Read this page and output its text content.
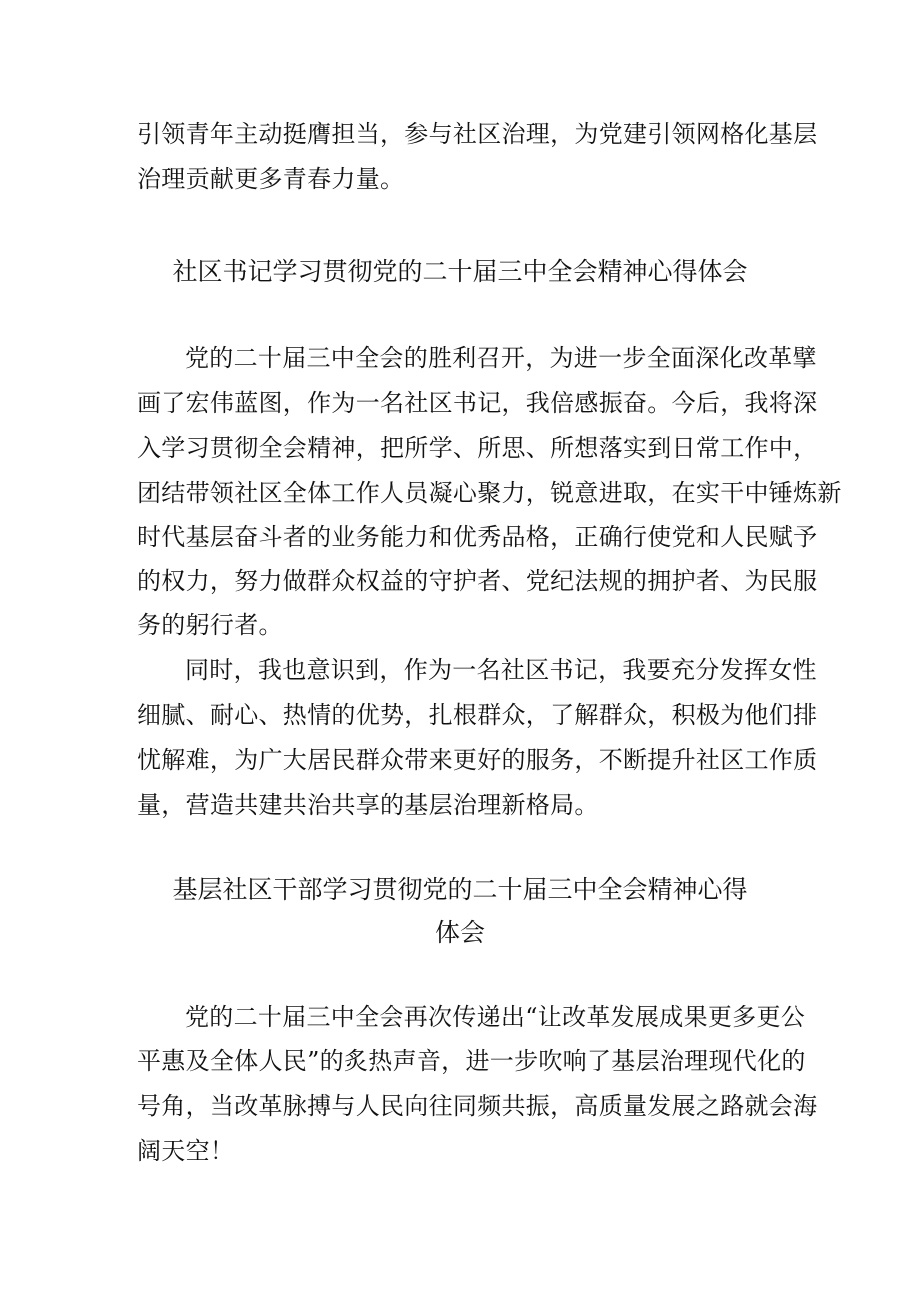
引领青年主动挺膺担当，参与社区治理，为党建引领网格化基层
治理贡献更多青春力量。
社区书记学习贯彻党的二十届三中全会精神心得体会
党的二十届三中全会的胜利召开，为进一步全面深化改革擘
画了宏伟蓝图，作为一名社区书记，我倍感振奋。今后，我将深
入学习贯彻全会精神，把所学、所思、所想落实到日常工作中，
团结带领社区全体工作人员凝心聚力，锐意进取，在实干中锤炼新
时代基层奋斗者的业务能力和优秀品格，正确行使党和人民赋予
的权力，努力做群众权益的守护者、党纪法规的拥护者、为民服
务的躬行者。
同时，我也意识到，作为一名社区书记，我要充分发挥女性
细腻、耐心、热情的优势，扎根群众，了解群众，积极为他们排
忧解难，为广大居民群众带来更好的服务，不断提升社区工作质
量，营造共建共治共享的基层治理新格局。
基层社区干部学习贯彻党的二十届三中全会精神心得
体会
党的二十届三中全会再次传递出“让改革发展成果更多更公
平惠及全体人民”的炙热声音，进一步吹响了基层治理现代化的
号角，当改革脉搏与人民向往同频共振，高质量发展之路就会海
阔天空！
